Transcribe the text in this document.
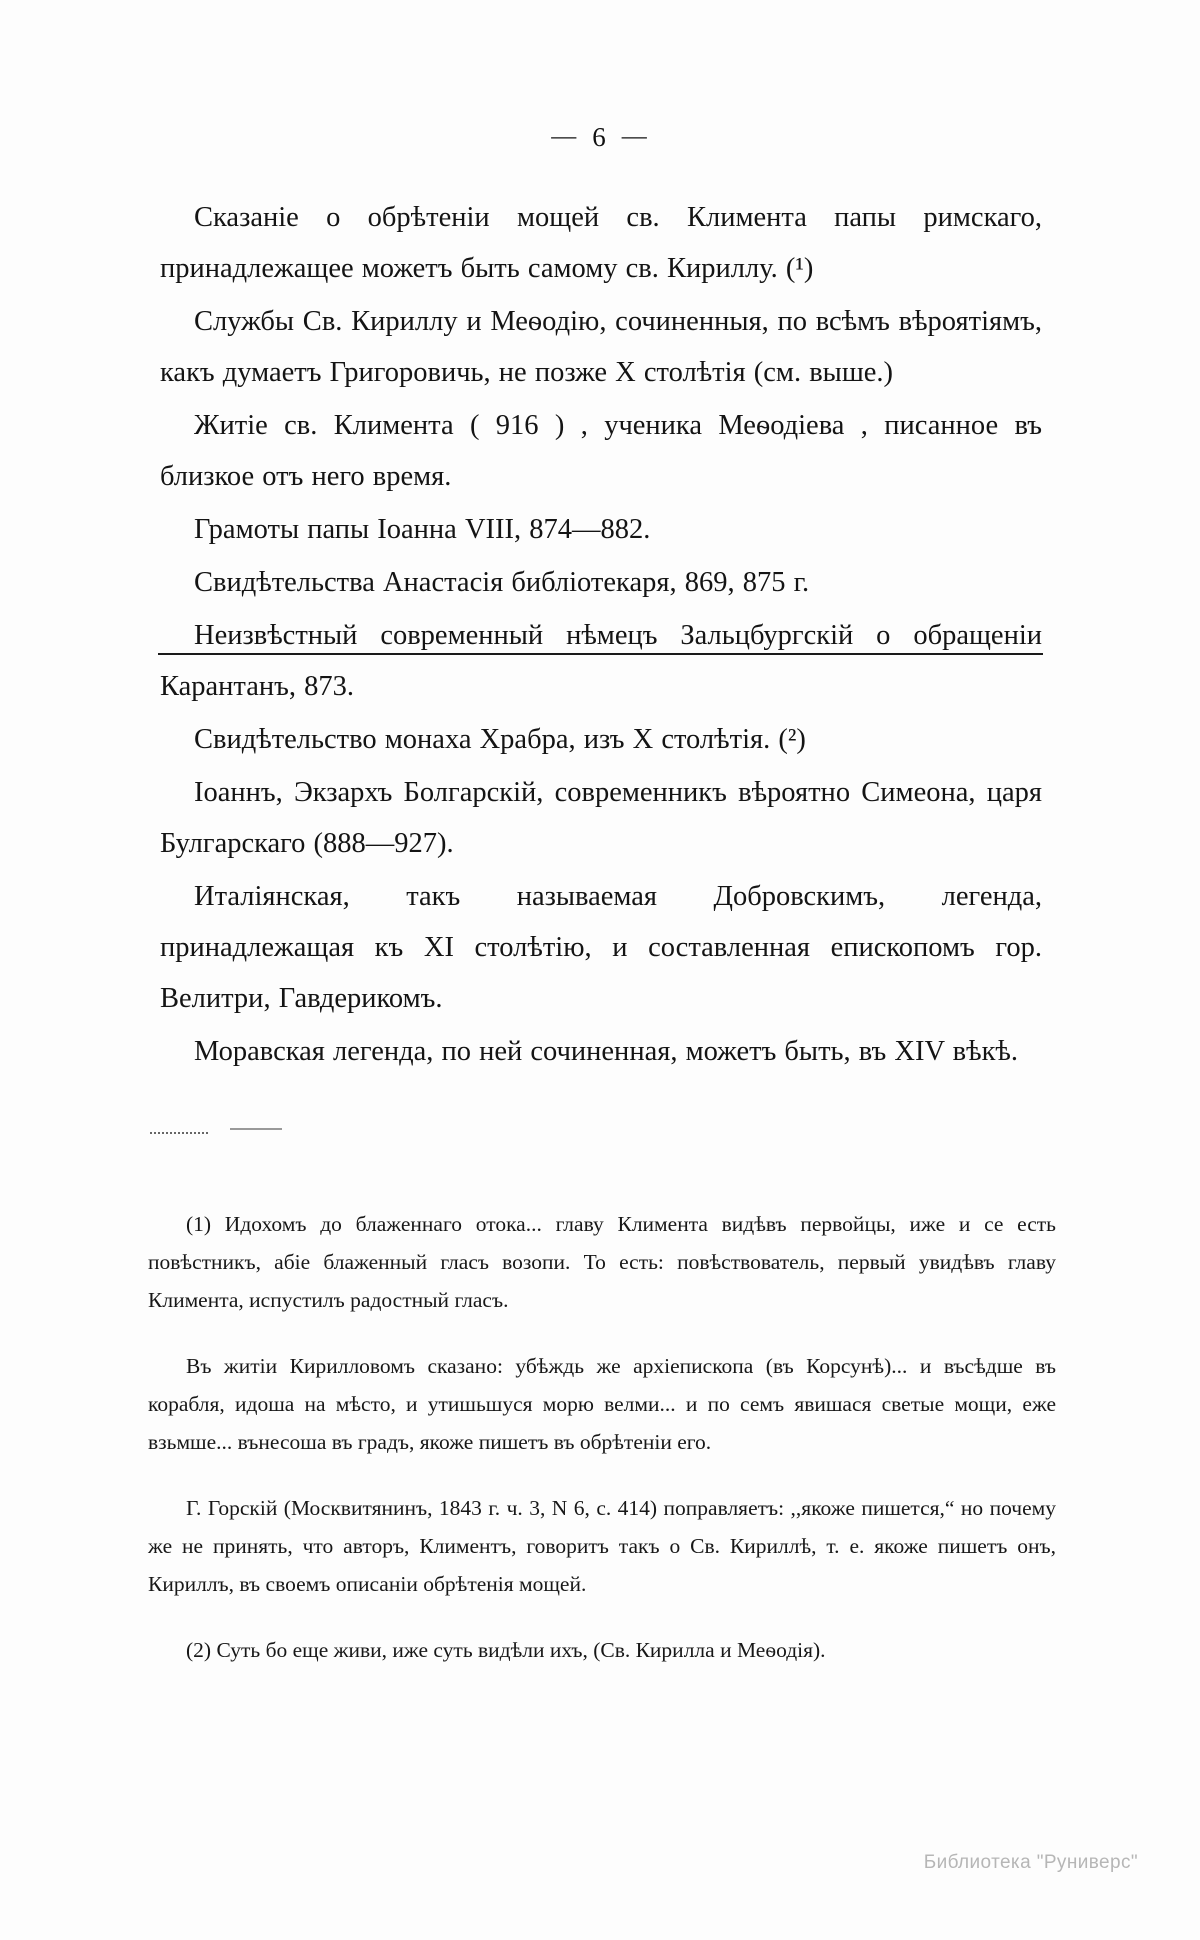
— 6 —

Сказаніе о обрѣтеніи мощей св. Климента папы римскаго, принадлежащее можетъ быть самому св. Кириллу. (¹)

Службы Св. Кириллу и Меѳодію, сочиненныя, по всѣмъ вѣроятіямъ, какъ думаетъ Григоровичь, не позже X столѣтія (см. выше.)

Житіе св. Климента ( 916 ) , ученика Меѳодіева , писанное въ близкое отъ него время.

Грамоты папы Іоанна VIII, 874—882.

Свидѣтельства Анастасія библіотекаря, 869, 875 г.

Неизвѣстный современный нѣмецъ Зальцбургскій о обращеніи Карантанъ, 873.

Свидѣтельство монаха Храбра, изъ X столѣтія. (²)

Іоаннъ, Экзархъ Болгарскій, современникъ вѣроятно Симеона, царя Булгарскаго (888—927).

Италіянская, такъ называемая Добровскимъ, легенда, принадлежащая къ XI столѣтію, и составленная епископомъ гор. Велитри, Гавдерикомъ.

Моравская легенда, по ней сочиненная, можетъ быть, въ XIV вѣкѣ.

(1) Идохомъ до блаженнаго отока... главу Климента видѣвъ первойцы, иже и се есть повѣстникъ, абіе блаженный гласъ возопи. То есть: повѣствователь, первый увидѣвъ главу Климента, испустилъ радостный гласъ.

Въ житіи Кирилловомъ сказано: убѣждь же архіепископа (въ Корсунѣ)... и въсѣдше въ корабля, идоша на мѣсто, и утишьшуся морю велми... и по семъ явишася светые мощи, еже взьмше... вънесоша въ градъ, якоже пишетъ въ обрѣтеніи его.

Г. Горскій (Москвитянинъ, 1843 г. ч. 3, N 6, с. 414) поправляетъ: ,,якоже пишется,“ но почему же не принять, что авторъ, Климентъ, говоритъ такъ о Св. Кириллѣ, т. е. якоже пишетъ онъ, Кириллъ, въ своемъ описаніи обрѣтенія мощей.

(2) Суть бо еще живи, иже суть видѣли ихъ, (Св. Кирилла и Меѳодія).

Библиотека "Руниверс"
